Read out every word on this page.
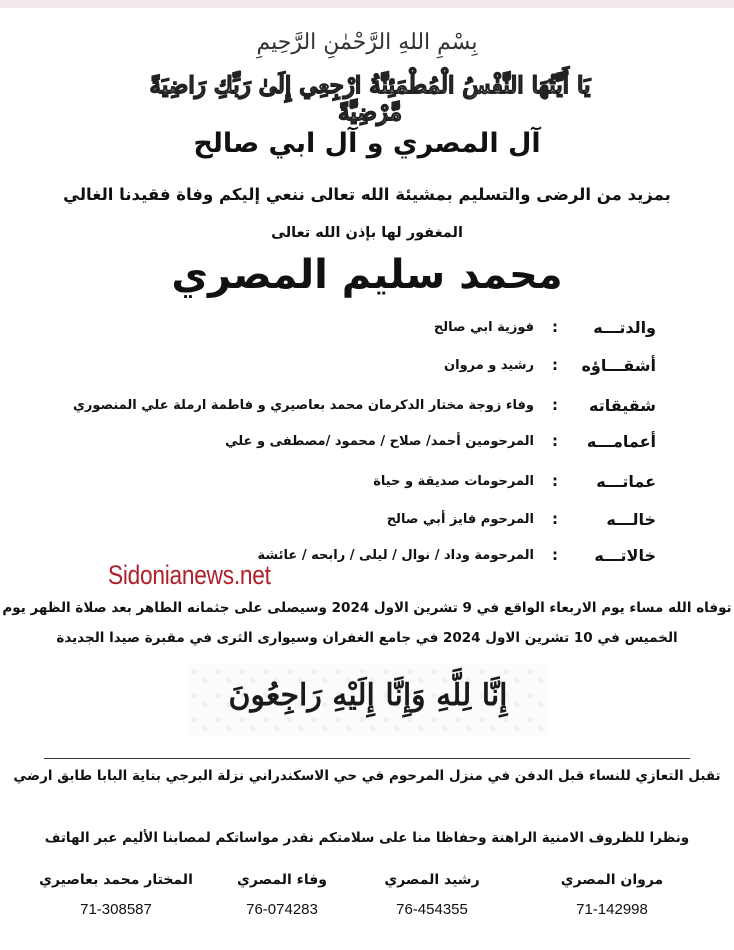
بِسْمِ اللهِ الرَّحْمٰنِ الرَّحِيمِ
يَا أَيَّتُهَا النَّفْسُ الْمُطْمَئِنَّةُ ارْجِعِي إِلَىٰ رَبِّكِ رَاضِيَةً مَّرْضِيَّةً
آل المصري و آل ابي صالح
بمزيد من الرضى والتسليم بمشيئة الله تعالى ننعي إليكم وفاة فقيدنا الغالي
المغفور لها بإذن الله تعالى
محمد سليم المصري
والدتـــه
:
فوزية ابي صالح
أشقـــاؤه
:
رشيد و مروان
شقيقاته
:
وفاء زوجة مختار الدكرمان محمد بعاصيري و فاطمة ارملة علي المنصوري
أعمامـــه
:
المرحومين أحمد/ صلاح / محمود /مصطفى و علي
عماتـــه
:
المرحومات صديقة و حياة
خالـــه
:
المرحوم فايز أبي صالح
خالاتـــه
:
المرحومة وداد / نوال / ليلى / رابحه / عائشة
Sidonianews.net
توفاه الله مساء يوم الاربعاء الواقع في 9 تشرين الاول 2024 وسيصلى على جثمانه الطاهر بعد صلاة الظهر يوم
الخميس في 10 تشرين الاول 2024 في جامع الغفران وسيوارى الثرى في مقبرة صيدا الجديدة
إِنَّا لِلَّهِ وَإِنَّا إِلَيْهِ رَاجِعُونَ
تقبل التعازي للنساء قبل الدفن في منزل المرحوم في حي الاسكندراني نزلة البرجي بناية البابا طابق ارضي
ونظرا للظروف الامنية الراهنة وحفاظا منا على سلامتكم نقدر مواساتكم لمصابنا الأليم عبر الهاتف
مروان المصري
71-142998
رشيد المصري
76-454355
وفاء المصري
76-074283
المختار محمد بعاصيري
71-308587
